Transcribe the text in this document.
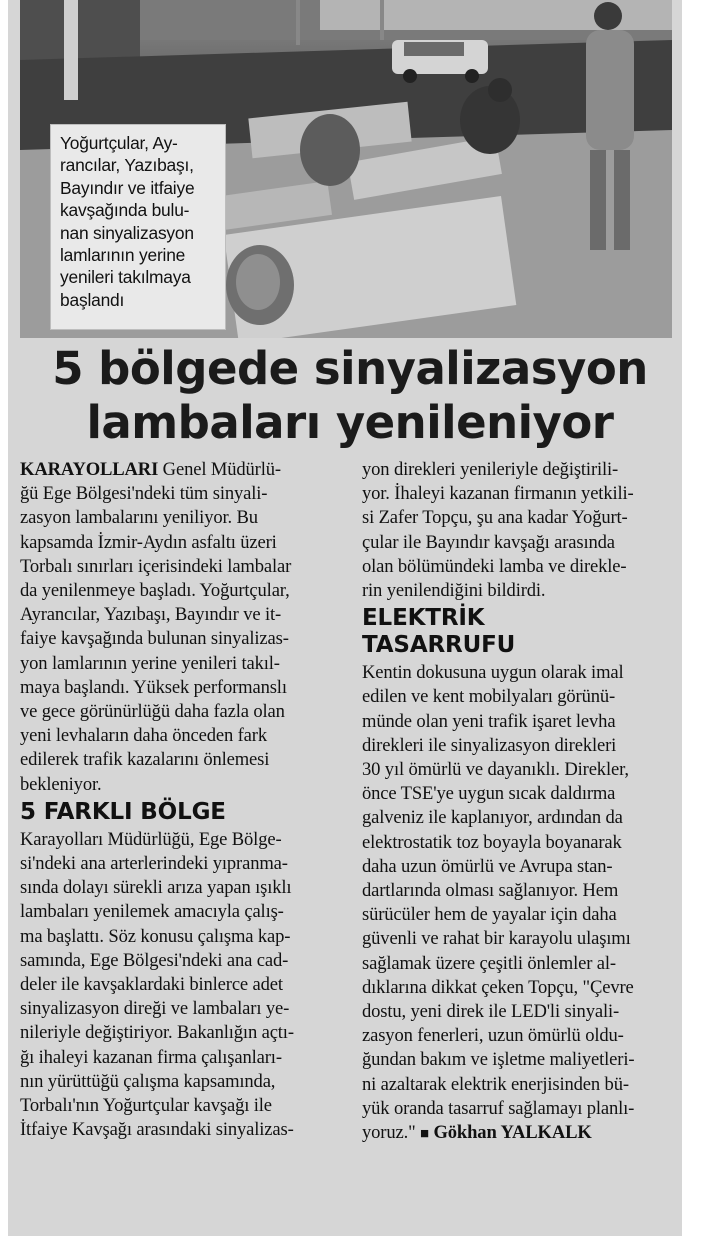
Yoğurtçular, Ay-
rancılar, Yazıbaşı,
Bayındır ve itfaiye
kavşağında bulu-
nan sinyalizasyon
lamlarının yerine
yenileri takılmaya
başlandı
5 bölgede sinyalizasyon
lambaları yenileniyor

KARAYOLLARI Genel Müdürlü-
ğü Ege Bölgesi'ndeki tüm sinyali-
zasyon lambalarını yeniliyor. Bu
kapsamda İzmir-Aydın asfaltı üzeri
Torbalı sınırları içerisindeki lambalar
da yenilenmeye başladı. Yoğurtçular,
Ayrancılar, Yazıbaşı, Bayındır ve it-
faiye kavşağında bulunan sinyalizas-
yon lamlarının yerine yenileri takıl-
maya başlandı. Yüksek performanslı
ve gece görünürlüğü daha fazla olan
yeni levhaların daha önceden fark
edilerek trafik kazalarını önlemesi
bekleniyor.

5 FARKLI BÖLGE

Karayolları Müdürlüğü, Ege Bölge-
si'ndeki ana arterlerindeki yıpranma-
sında dolayı sürekli arıza yapan ışıklı
lambaları yenilemek amacıyla çalış-
ma başlattı. Söz konusu çalışma kap-
samında, Ege Bölgesi'ndeki ana cad-
deler ile kavşaklardaki binlerce adet
sinyalizasyon direği ve lambaları ye-
nileriyle değiştiriyor. Bakanlığın açtı-
ğı ihaleyi kazanan firma çalışanları-
nın yürüttüğü çalışma kapsamında,
Torbalı'nın Yoğurtçular kavşağı ile
İtfaiye Kavşağı arasındaki sinyalizas-

yon direkleri yenileriyle değiştirili-
yor. İhaleyi kazanan firmanın yetkili-
si Zafer Topçu, şu ana kadar Yoğurt-
çular ile Bayındır kavşağı arasında
olan bölümündeki lamba ve direkle-
rin yenilendiğini bildirdi.

ELEKTRİK
TASARRUFU

Kentin dokusuna uygun olarak imal
edilen ve kent mobilyaları görünü-
münde olan yeni trafik işaret levha
direkleri ile sinyalizasyon direkleri
30 yıl ömürlü ve dayanıklı. Direkler,
önce TSE'ye uygun sıcak daldırma
galveniz ile kaplanıyor, ardından da
elektrostatik toz boyayla boyanarak
daha uzun ömürlü ve Avrupa stan-
dartlarında olması sağlanıyor. Hem
sürücüler hem de yayalar için daha
güvenli ve rahat bir karayolu ulaşımı
sağlamak üzere çeşitli önlemler al-
dıklarına dikkat çeken Topçu, "Çevre
dostu, yeni direk ile LED'li sinyali-
zasyon fenerleri, uzun ömürlü oldu-
ğundan bakım ve işletme maliyetleri-
ni azaltarak elektrik enerjisinden bü-
yük oranda tasarruf sağlamayı planlı-
yoruz." ■ Gökhan YALKALK
